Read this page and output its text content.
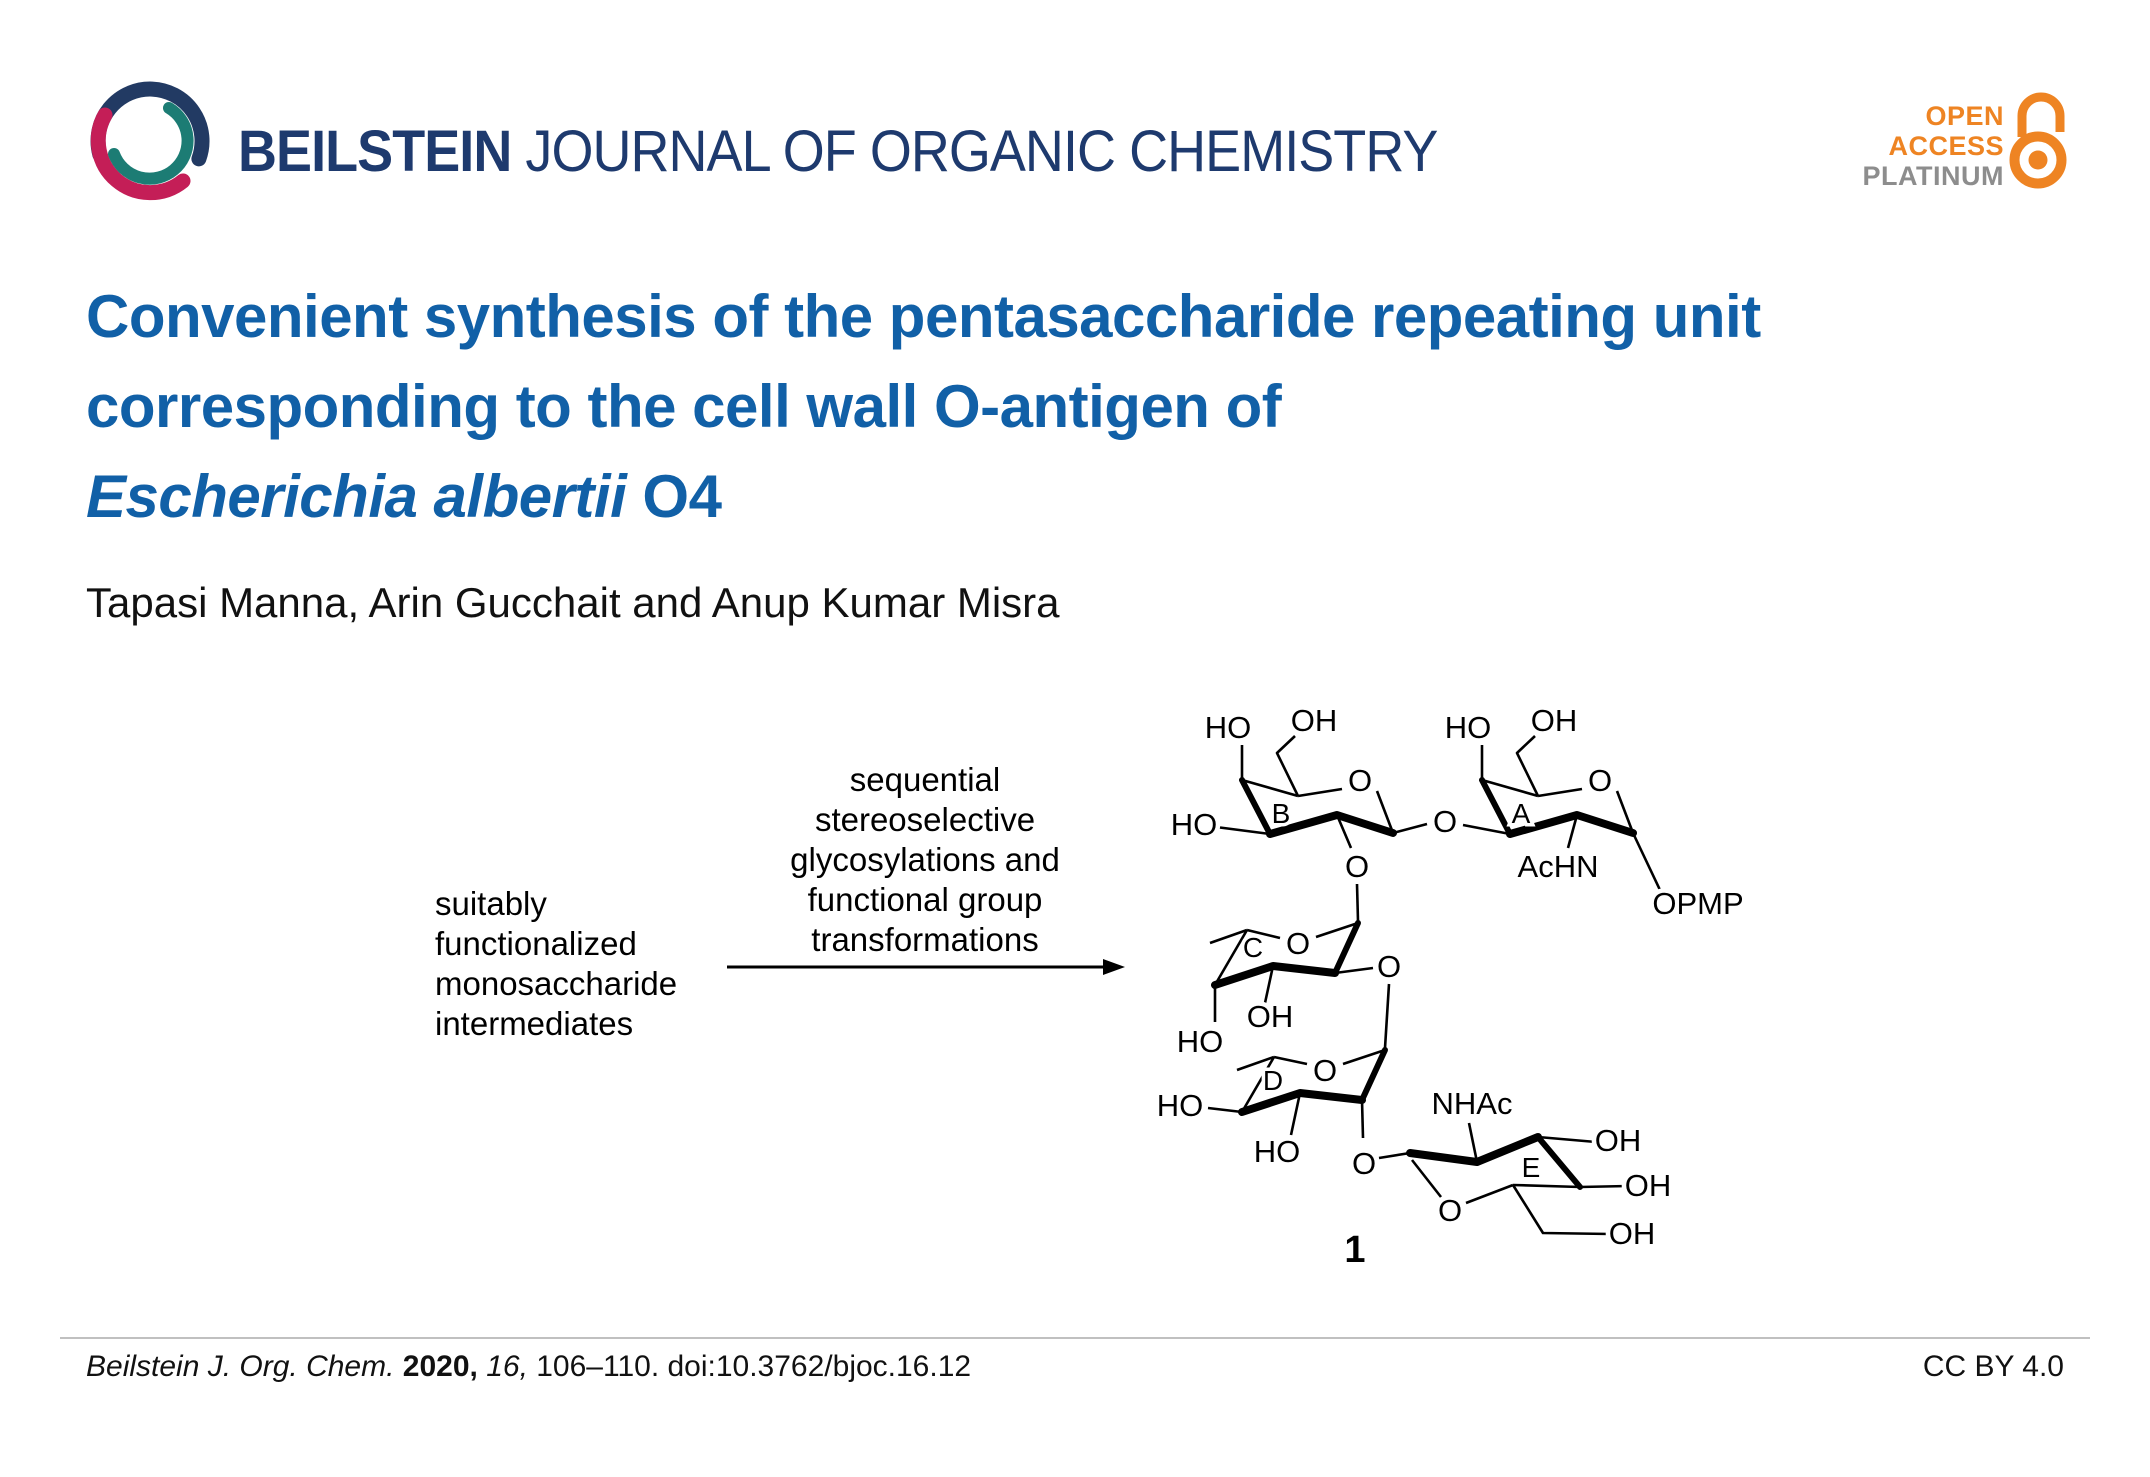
BEILSTEIN JOURNAL OF ORGANIC CHEMISTRY
OPEN
ACCESS
PLATINUM
Convenient synthesis of the pentasaccharide repeating unit
corresponding to the cell wall O-antigen of
Escherichia albertii O4
Tapasi Manna, Arin Gucchait and Anup Kumar Misra
suitably
functionalized
monosaccharide
intermediates
sequential
stereoselective
glycosylations and
functional group
transformations
HO OH
O
HO B
O
HO OH
O
O A
AcHN
OPMP
O
C
OH
HO
O
O
D
HO
HO O
NHAc
O
E
OH
OH
OH
1
Beilstein J. Org. Chem. 2020, 16, 106–110. doi:10.3762/bjoc.16.12	CC BY 4.0
